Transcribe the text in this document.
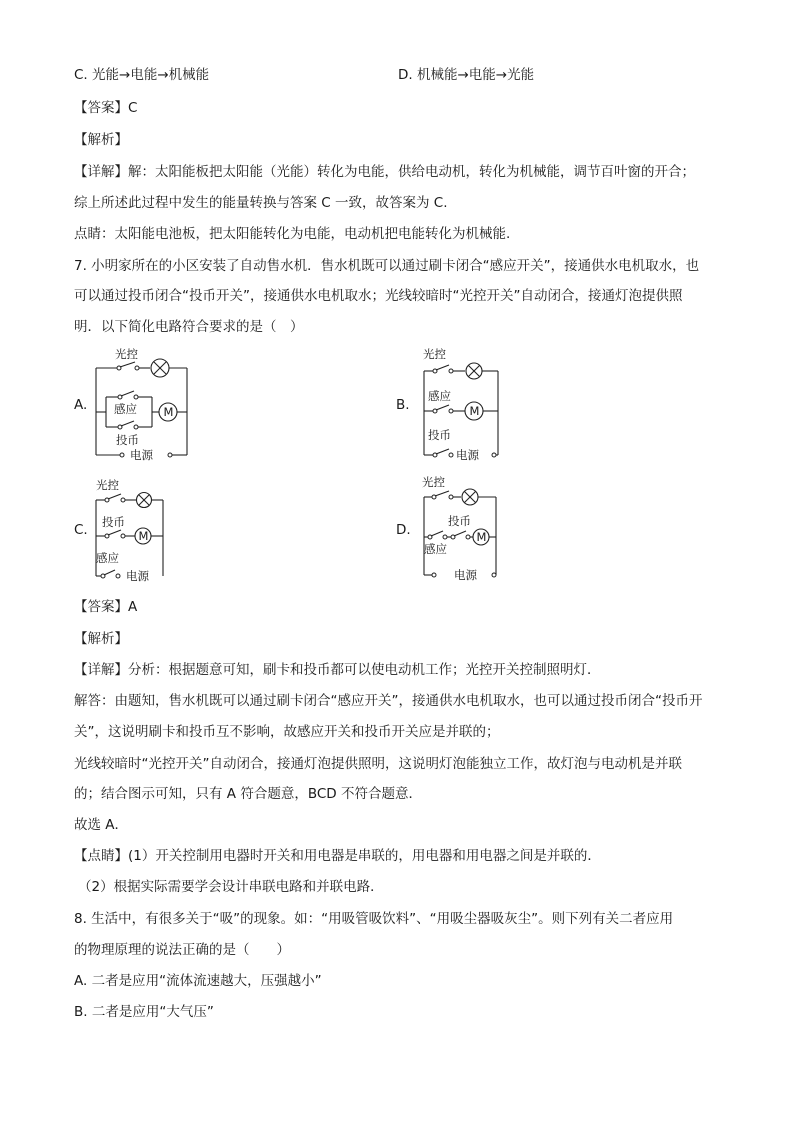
C. 光能→电能→机械能	D. 机械能→电能→光能
【答案】C
【解析】
【详解】解：太阳能板把太阳能（光能）转化为电能，供给电动机，转化为机械能，调节百叶窗的开合；
综上所述此过程中发生的能量转换与答案 C 一致，故答案为 C.
点睛：太阳能电池板，把太阳能转化为电能，电动机把电能转化为机械能.
7. 小明家所在的小区安装了自动售水机．售水机既可以通过刷卡闭合“感应开关”，接通供水电机取水，也
可以通过投币闭合“投币开关”，接通供水电机取水；光线较暗时“光控开关”自动闭合，接通灯泡提供照
明．以下简化电路符合要求的是（　）
A.	B.
C.	D.
光控
感应
投币
M
电源
光控
感应
M
投币
电源
光控
投币
M
感应
电源
光控
投币
M
感应
电源
【答案】A
【解析】
【详解】分析：根据题意可知，刷卡和投币都可以使电动机工作；光控开关控制照明灯．
解答：由题知，售水机既可以通过刷卡闭合“感应开关”，接通供水电机取水，也可以通过投币闭合“投币开
关”，这说明刷卡和投币互不影响，故感应开关和投币开关应是并联的；
光线较暗时“光控开关”自动闭合，接通灯泡提供照明，这说明灯泡能独立工作，故灯泡与电动机是并联
的；结合图示可知，只有 A 符合题意，BCD 不符合题意．
故选 A．
【点睛】(1）开关控制用电器时开关和用电器是串联的，用电器和用电器之间是并联的．
（2）根据实际需要学会设计串联电路和并联电路．
8. 生活中，有很多关于“吸”的现象。如：“用吸管吸饮料”、“用吸尘器吸灰尘”。则下列有关二者应用
的物理原理的说法正确的是（　　）
A. 二者是应用“流体流速越大，压强越小”
B. 二者是应用“大气压”
